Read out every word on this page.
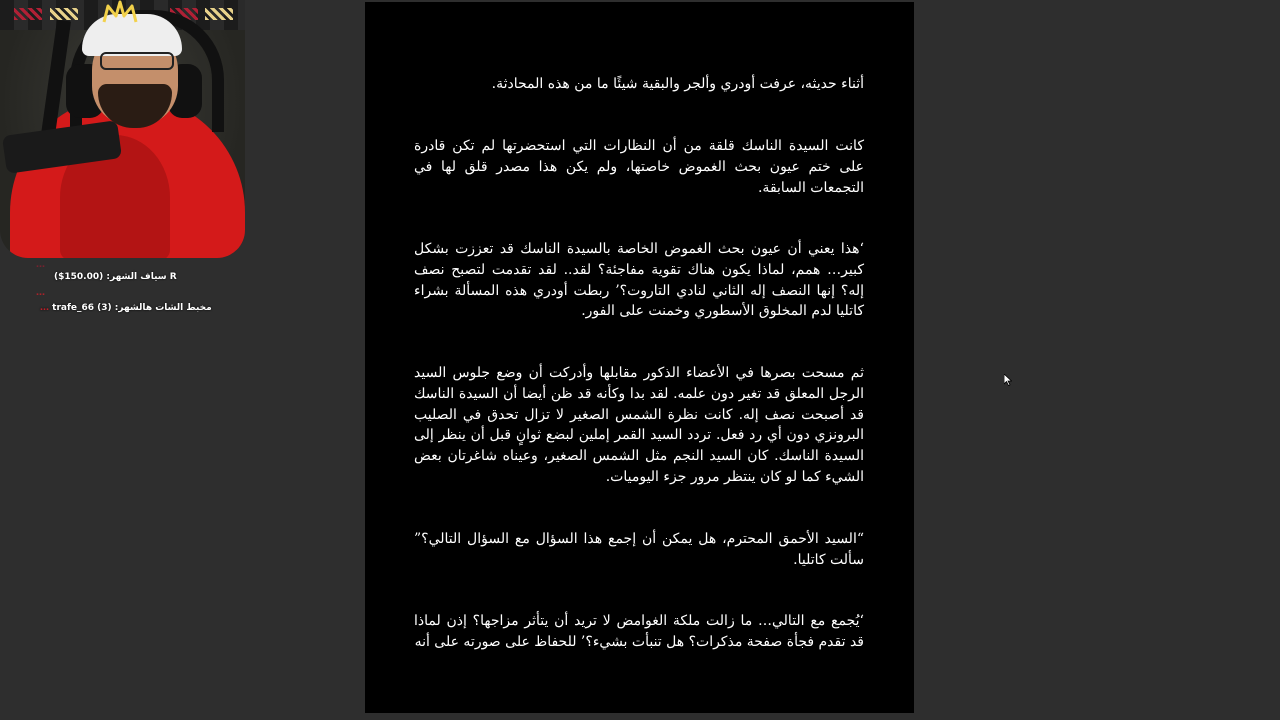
…
سياف الشهر: (150.00$) R
…
… trafe_66 (3) :مخبط الشات هالشهر
أثناء حديثه، عرفت أودري وألجر والبقية شيئًا ما من هذه المحادثة.
كانت السيدة الناسك قلقة من أن النظارات التي استحضرتها لم تكن قادرة على ختم عيون بحث الغموض خاصتها، ولم يكن هذا مصدر قلق لها في التجمعات السابقة.
‘هذا يعني أن عيون بحث الغموض الخاصة بالسيدة الناسك قد تعززت بشكل كبير… همم، لماذا يكون هناك تقوية مفاجئة؟ لقد.. لقد تقدمت لتصبح نصف إله؟ إنها النصف إله الثاني لنادي التاروت؟’ ربطت أودري هذه المسألة بشراء كاتليا لدم المخلوق الأسطوري وخمنت على الفور.
ثم مسحت بصرها في الأعضاء الذكور مقابلها وأدركت أن وضع جلوس السيد الرجل المعلق قد تغير دون علمه. لقد بدا وكأنه قد ظن أيضا أن السيدة الناسك قد أصبحت نصف إله. كانت نظرة الشمس الصغير لا تزال تحدق في الصليب البرونزي دون أي رد فعل. تردد السيد القمر إملين لبضع ثوانٍ قبل أن ينظر إلى السيدة الناسك. كان السيد النجم مثل الشمس الصغير، وعيناه شاغرتان بعض الشيء كما لو كان ينتظر مرور جزء اليوميات.
“السيد الأحمق المحترم، هل يمكن أن إجمع هذا السؤال مع السؤال التالي؟” سألت كاتليا.
‘يُجمع مع التالي… ما زالت ملكة الغوامض لا تريد أن يتأثر مزاجها؟ إذن لماذا قد تقدم فجأة صفحة مذكرات؟ هل تنبأت بشيء؟’ للحفاظ على صورته على أنه
